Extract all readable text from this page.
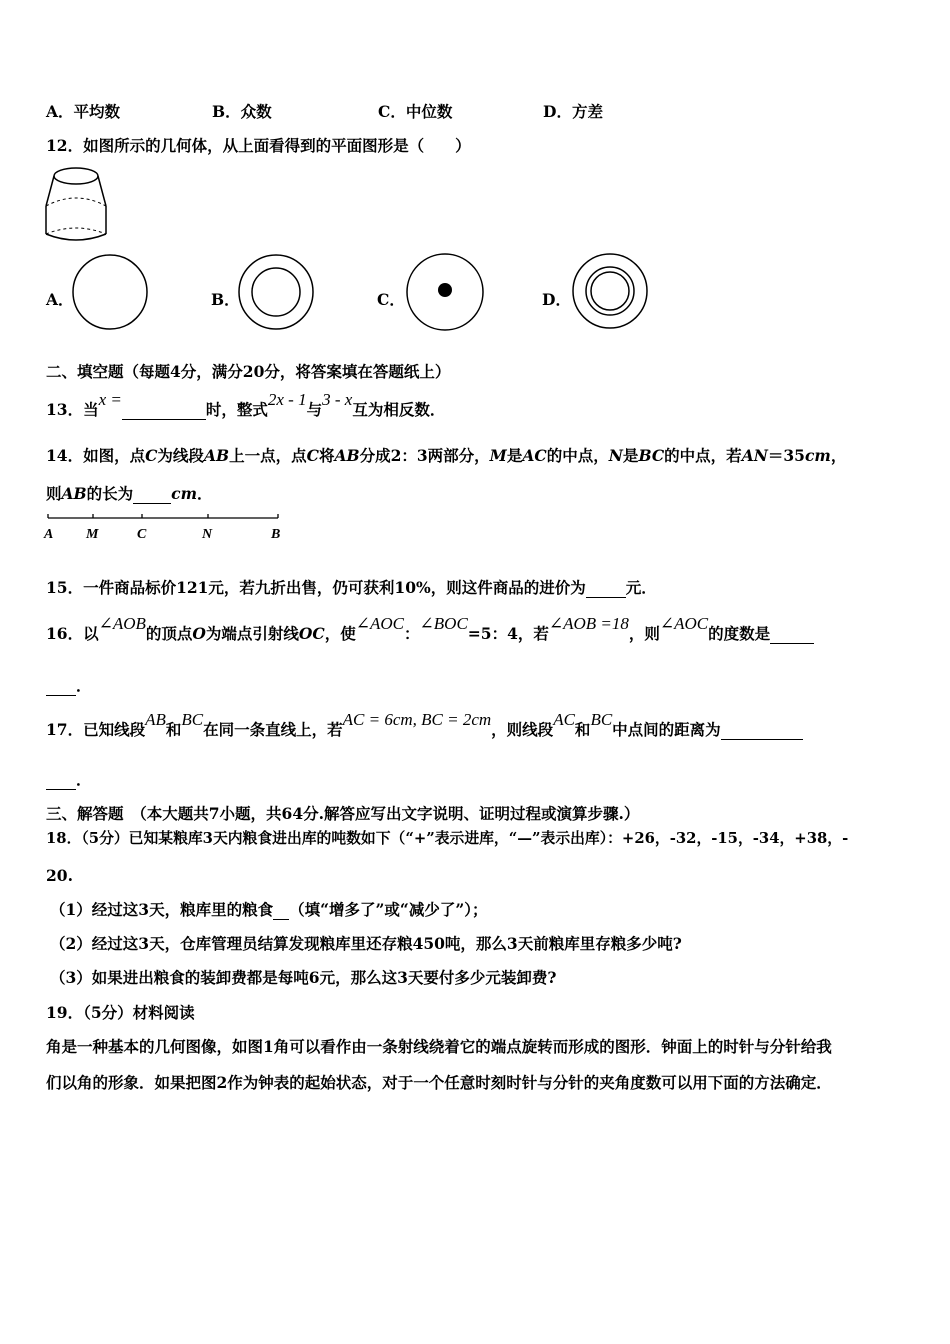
A．平均数	B．众数	C．中位数	D．方差
12．如图所示的几何体，从上面看得到的平面图形是（　　）
A．	B．	C．	D．
二、填空题（每题4分，满分20分，将答案填在答题纸上）
13．当x =时，整式2x - 1与3 - x互为相反数．
14．如图，点C为线段AB上一点，点C将AB分成2：3两部分，M是AC的中点，N是BC的中点，若AN＝35cm，
则AB的长为 cm．
A M	C	N	B
15．一件商品标价121元，若九折出售，仍可获利10%，则这件商品的进价为	元．
16．以∠AOB的顶点O为端点引射线OC，使∠AOC：∠BOC=5：4，若∠AOB =18，则∠AOC的度数是
．
17．已知线段AB和BC在同一条直线上，若AC = 6cm, BC = 2cm，则线段AC和BC中点间的距离为
．
三、解答题　（本大题共7小题，共64分.解答应写出文字说明、证明过程或演算步骤.）
18．（5分）已知某粮库3天内粮食进出库的吨数如下（“+”表示进库，“—”表示出库）：+26，-32，-15，-34，+38，-
20.
（1）经过这3天，粮库里的粮食 （填“增多了”或“减少了”）；
（2）经过这3天，仓库管理员结算发现粮库里还存粮450吨，那么3天前粮库里存粮多少吨?
（3）如果进出粮食的装卸费都是每吨6元，那么这3天要付多少元装卸费?
19．（5分）材料阅读
角是一种基本的几何图像，如图1角可以看作由一条射线绕着它的端点旋转而形成的图形．钟面上的时针与分针给我
们以角的形象．如果把图2作为钟表的起始状态，对于一个任意时刻时针与分针的夹角度数可以用下面的方法确定．
